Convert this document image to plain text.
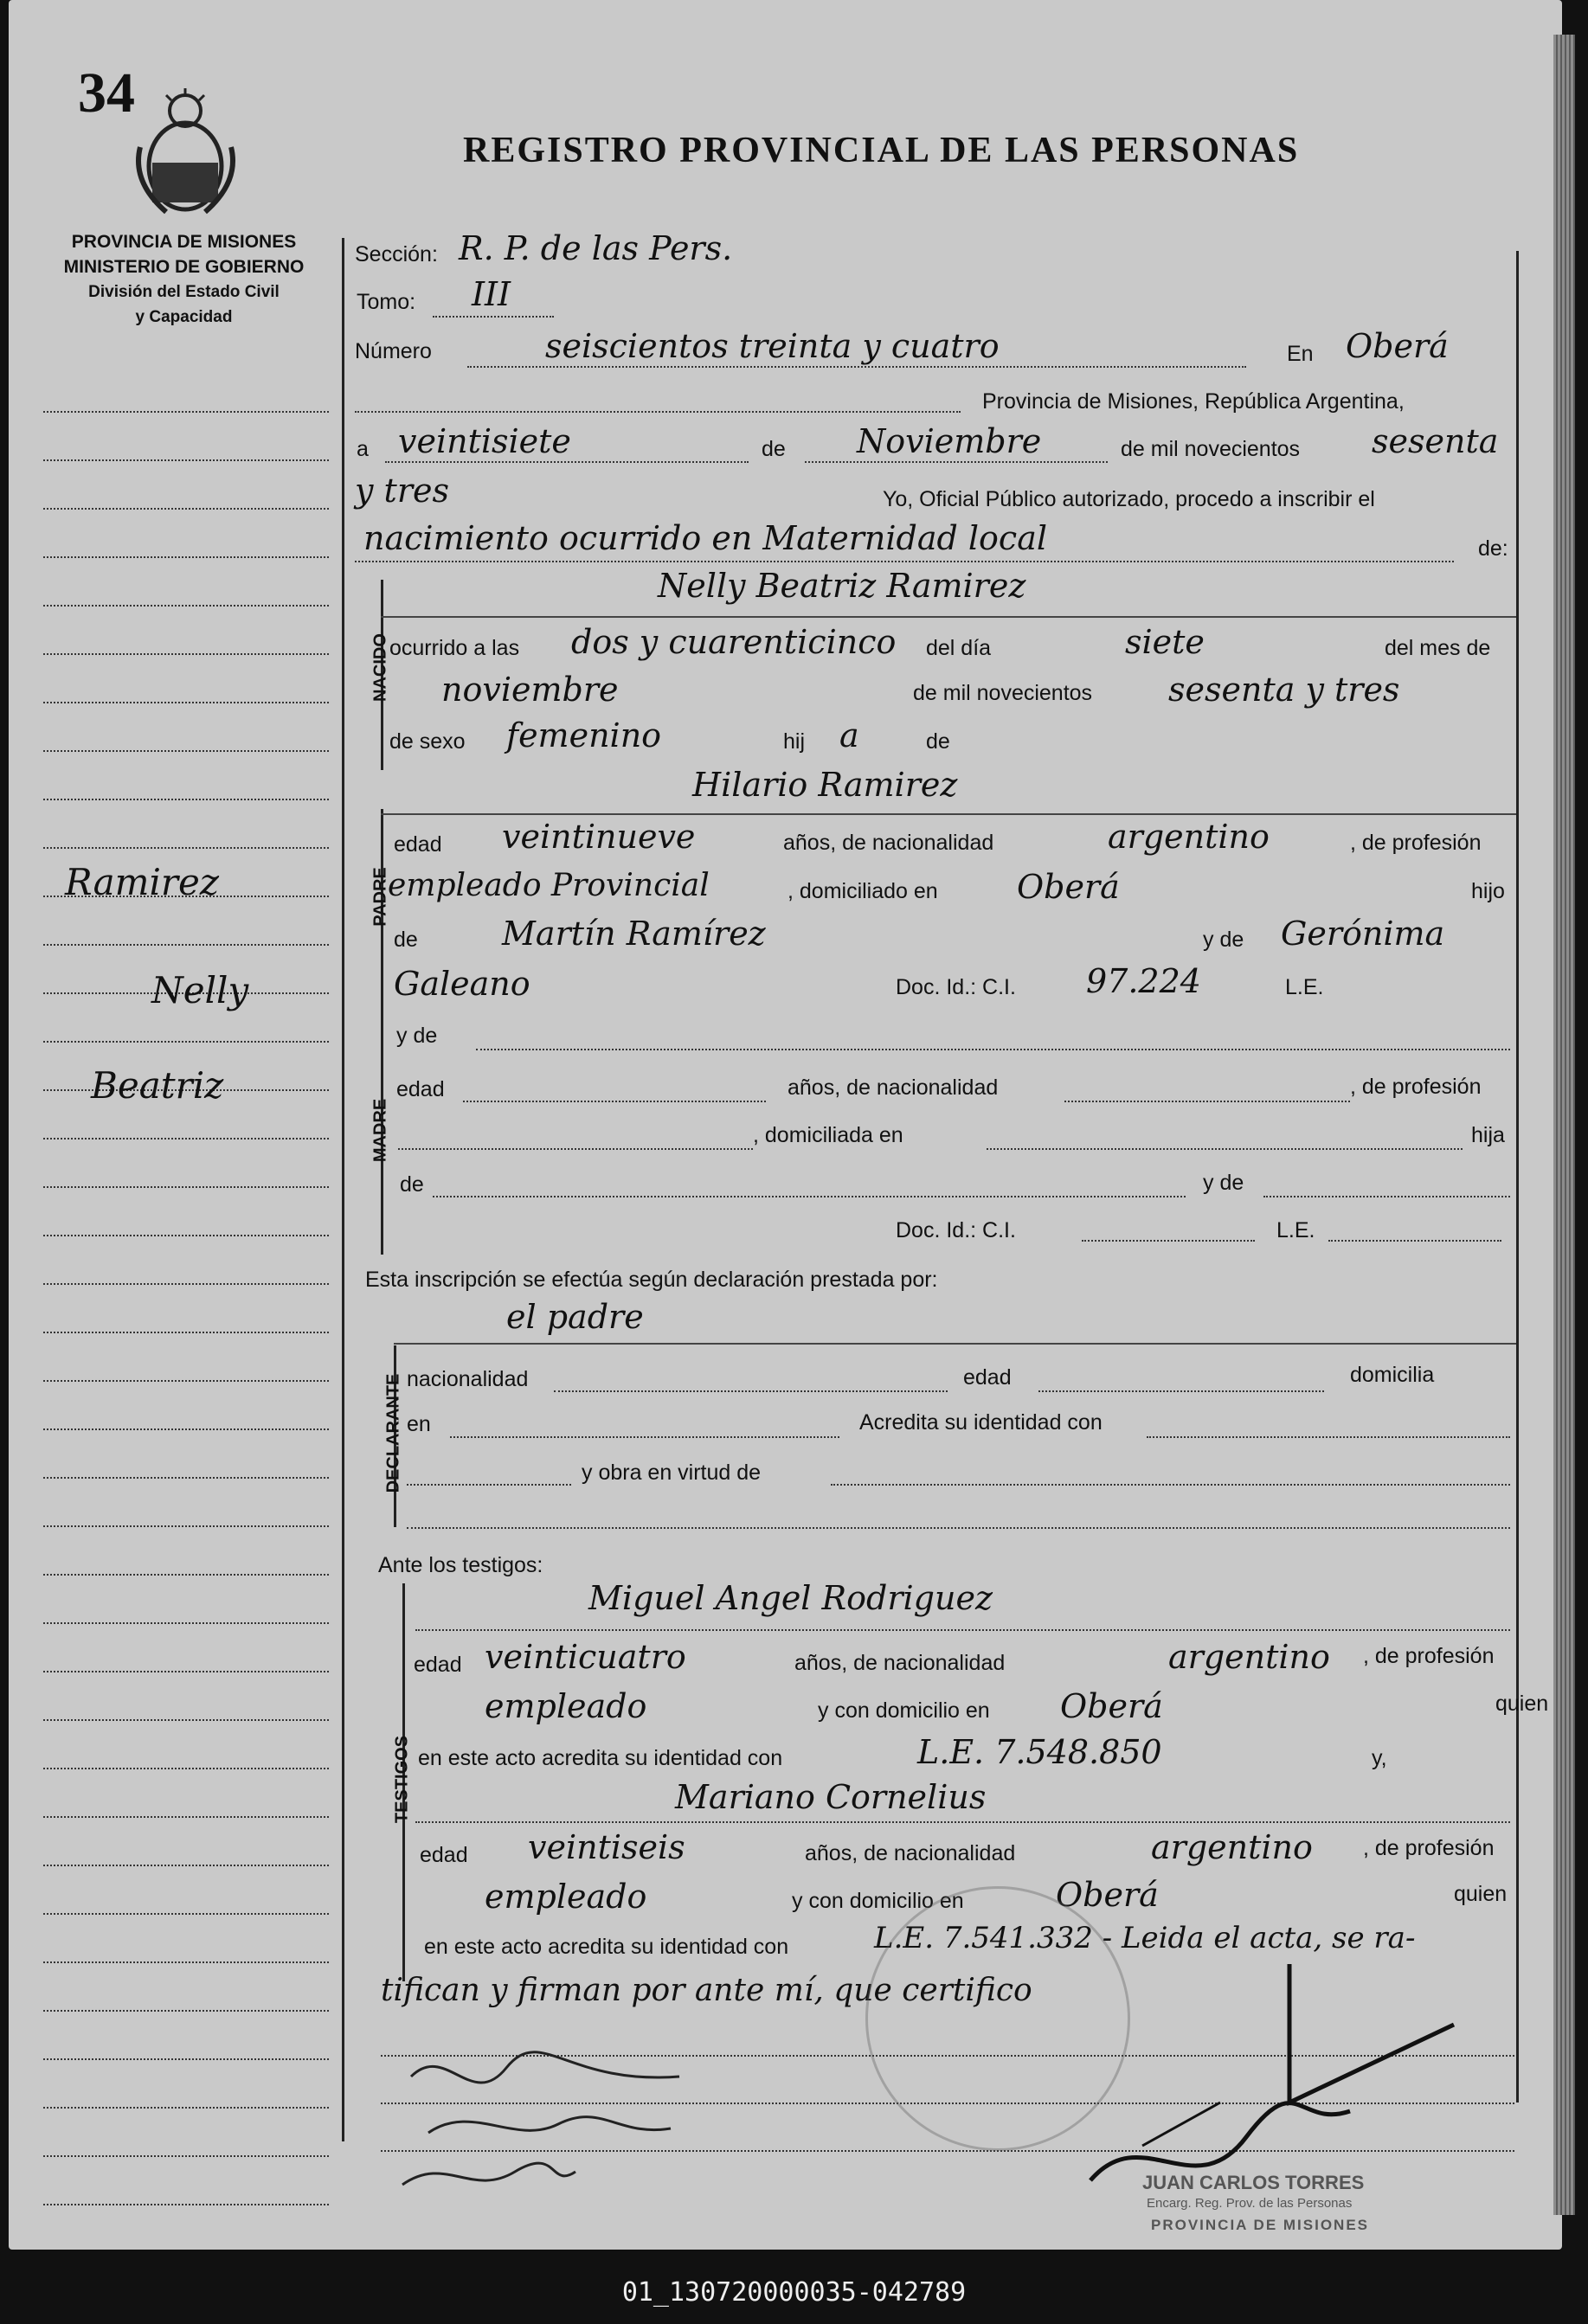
34
REGISTRO PROVINCIAL DE LAS PERSONAS
PROVINCIA DE MISIONES
MINISTERIO DE GOBIERNO
División del Estado Civil
y Capacidad
Ramirez
Nelly
Beatriz
Sección: R. P. de las Pers.
Tomo: III
Número	seiscientos treinta y cuatro	En Oberá
Provincia de Misiones, República Argentina,
a veintisiete	de Noviembre	de mil novecientos sesenta
y tres	Yo, Oficial Público autorizado, procedo a inscribir el
nacimiento ocurrido en Maternidad local	de:
NACIDO
Nelly Beatriz Ramirez
ocurrido a las dos y cuarenticinco del día	siete	del mes de
noviembre	de mil novecientos sesenta y tres
de sexo femenino	hij a	de
PADRE
Hilario Ramirez
edad veintinueve	años, de nacionalidad	argentino	, de profesión
empleado Provincial	, domiciliado en Oberá	hijo
de	Martín Ramírez	y de Gerónima
Galeano	Doc. Id.: C.I. 97.224	L.E.
MADRE
y de
edad	años, de nacionalidad	, de profesión
, domiciliada en	hija
de	y de
Doc. Id.: C.I.	L.E.
Esta inscripción se efectúa según declaración prestada por:
el padre
DECLARANTE nacionalidad	edad	domicilia
en	Acredita su identidad con
y obra en virtud de
Ante los testigos:
TESTIGOS
Miguel Angel Rodriguez
edad veinticuatro	años, de nacionalidad	argentino , de profesión
empleado	y con domicilio en Oberá	quien
en este acto acredita su identidad con	L.E. 7.548.850	y,
Mariano Cornelius
edad veintiseis	años, de nacionalidad	argentino , de profesión
empleado	y con domicilio en	Oberá	quien
en este acto acredita su identidad con	L.E. 7.541.332 - Leida el acta, se ra-
tifican y firman por ante mí, que certifico
JUAN CARLOS TORRES
Encarg. Reg. Prov. de las Personas
PROVINCIA DE MISIONES
01_130720000035-042789
